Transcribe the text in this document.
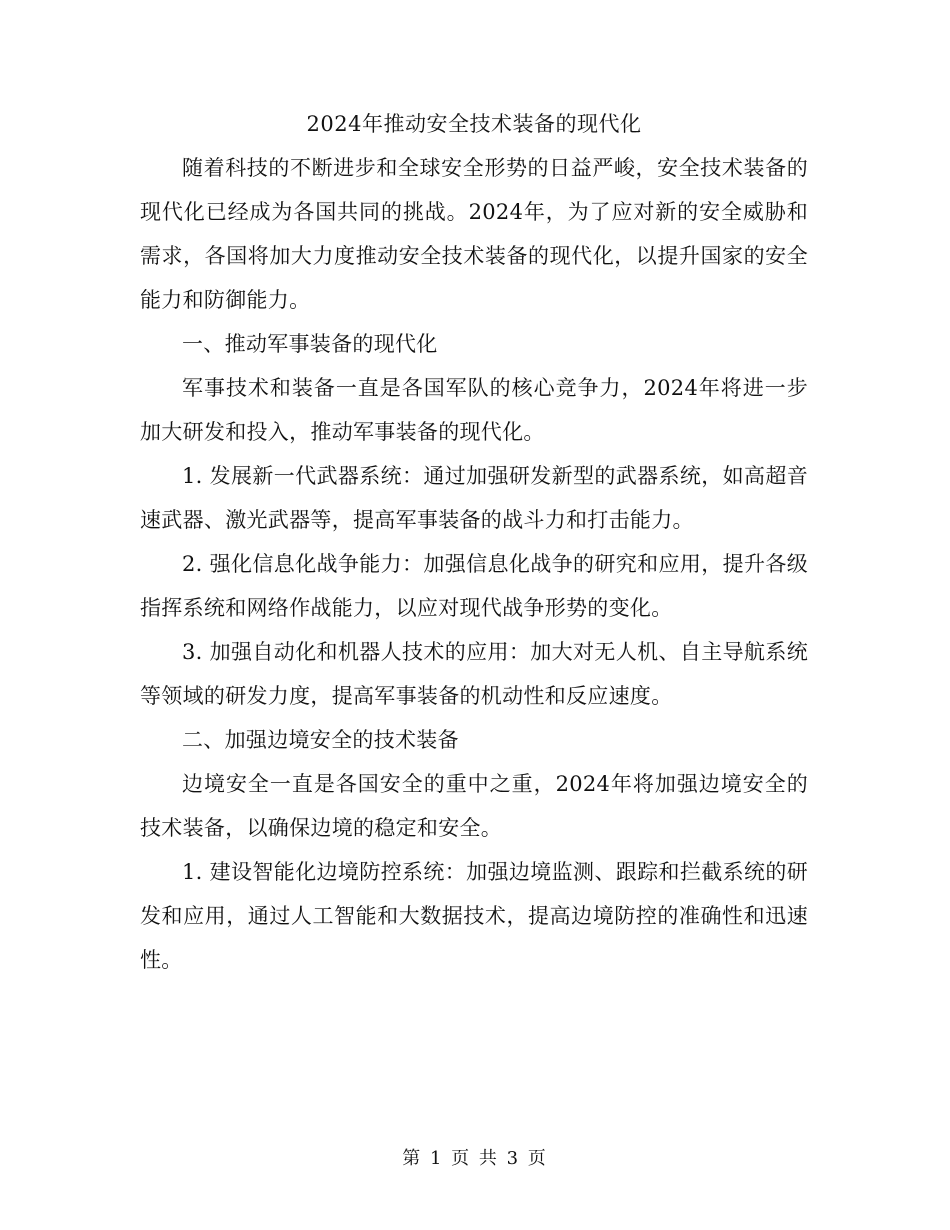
2024年推动安全技术装备的现代化

随着科技的不断进步和全球安全形势的日益严峻，安全技术装备的现代化已经成为各国共同的挑战。2024年，为了应对新的安全威胁和需求，各国将加大力度推动安全技术装备的现代化，以提升国家的安全能力和防御能力。

一、推动军事装备的现代化

军事技术和装备一直是各国军队的核心竞争力，2024年将进一步加大研发和投入，推动军事装备的现代化。

1. 发展新一代武器系统：通过加强研发新型的武器系统，如高超音速武器、激光武器等，提高军事装备的战斗力和打击能力。

2. 强化信息化战争能力：加强信息化战争的研究和应用，提升各级指挥系统和网络作战能力，以应对现代战争形势的变化。

3. 加强自动化和机器人技术的应用：加大对无人机、自主导航系统等领域的研发力度，提高军事装备的机动性和反应速度。

二、加强边境安全的技术装备

边境安全一直是各国安全的重中之重，2024年将加强边境安全的技术装备，以确保边境的稳定和安全。

1. 建设智能化边境防控系统：加强边境监测、跟踪和拦截系统的研发和应用，通过人工智能和大数据技术，提高边境防控的准确性和迅速性。

第 1 页 共 3 页
